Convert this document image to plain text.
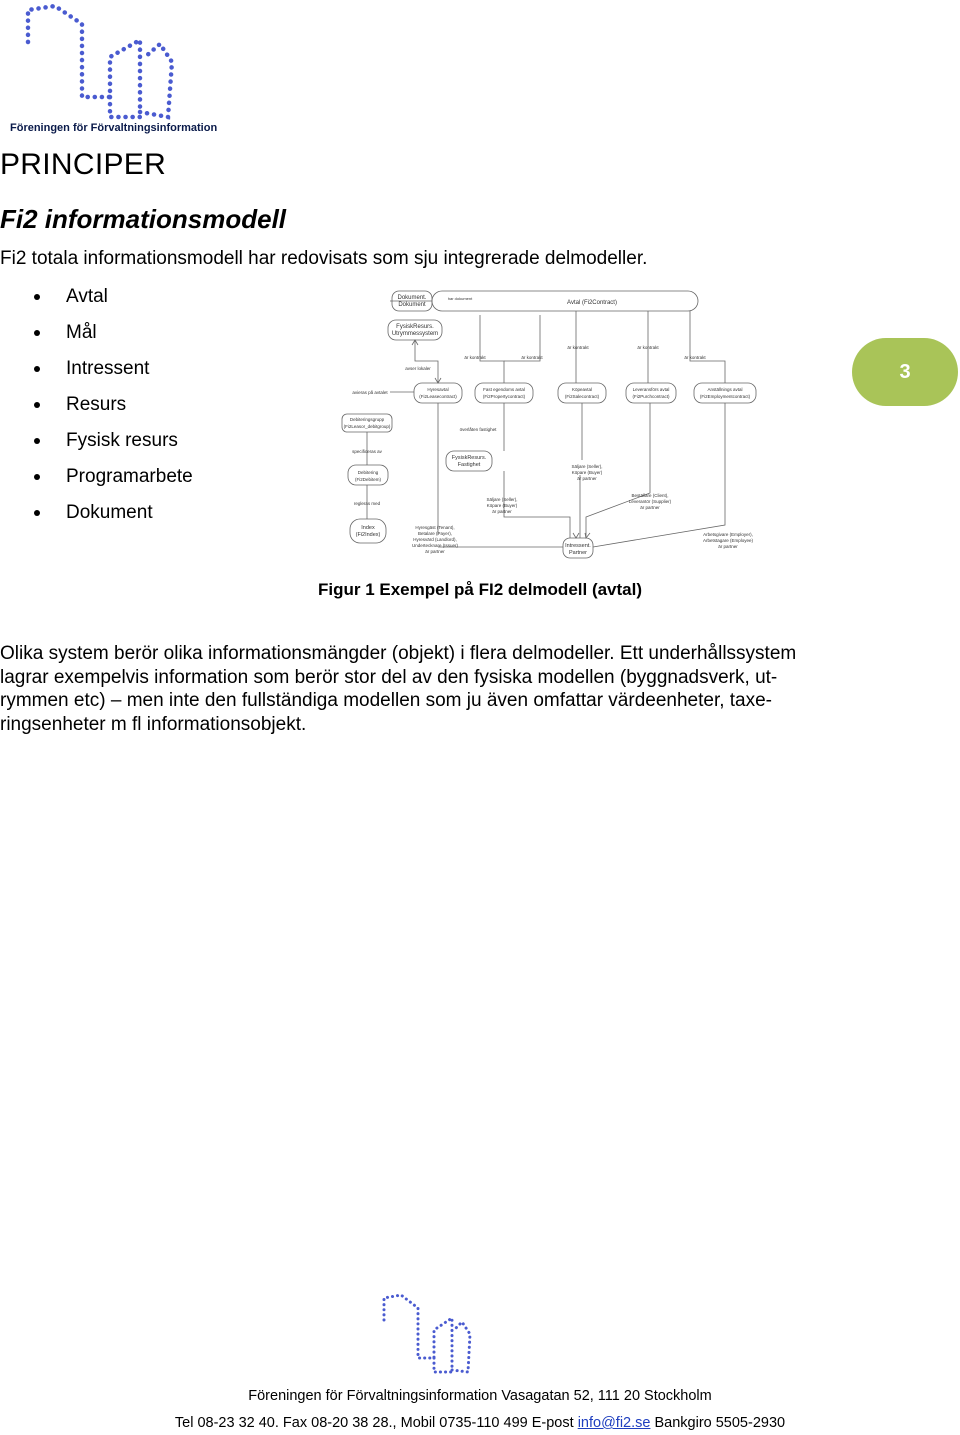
Föreningen för Förvaltningsinformation
PRINCIPER
Fi2 informationsmodell
Fi2 totala informationsmodell har redovisats som sju integrerade delmodeller.
Avtal
Mål
Intressent
Resurs
Fysisk resurs
Programarbete
Dokument
3
Dokument.
Dokument
har dokument
Avtal (Fi2Contract)
FysiskResurs.
Utrymmessystem
avser lokaler
är kontrakt	är kontrakt
är kontrakt	är kontrakt
är kontrakt
avieras på avtalet
Hyresavtal
(Fi2Leasecontract)
Fast egendoms avtal
(Fi2Propertycontract)
Köpeavtal
(Fi2Salecontract)
Leveransförs avtal
(Fi2Purchcontract)
Anställnings avtal
(Fi2Employmentcontract)
Debiteringsgrupp
(Fi2Leasor_debitgroup)
specificeras av
Debitering
(Fi2Debitem)
överlåten fastighet
FysiskResurs.
Fastighet	Säljare (Seller),
Köpare (Buyer)
är partner
regleras med
Index
(Fi2Index)
Säljare (Seller),
Köpare (Buyer)
är partner
Beställare (Client),
Leverantör (Supplier)
är partner
Hyresgäst (Tenant),
Betalare (Payer),
Hyresvärd (Landlord),
Undertecknare (Issuer)
är partner
Intressent.
Partner
Arbetsgivare (Employer),
Arbetstagare (Employee)
är partner
Figur 1 Exempel på FI2 delmodell (avtal)
Olika system berör olika informationsmängder (objekt) i flera delmodeller. Ett underhållssystem
lagrar exempelvis information som berör stor del av den fysiska modellen (byggnadsverk, ut-
rymmen etc) – men inte den fullständiga modellen som ju även omfattar värdeenheter, taxe-
ringsenheter m fl informationsobjekt.
Föreningen för Förvaltningsinformation Vasagatan 52, 111 20 Stockholm
Tel 08-23 32 40. Fax 08-20 38 28., Mobil 0735-110 499 E-post info@fi2.se Bankgiro 5505-2930
